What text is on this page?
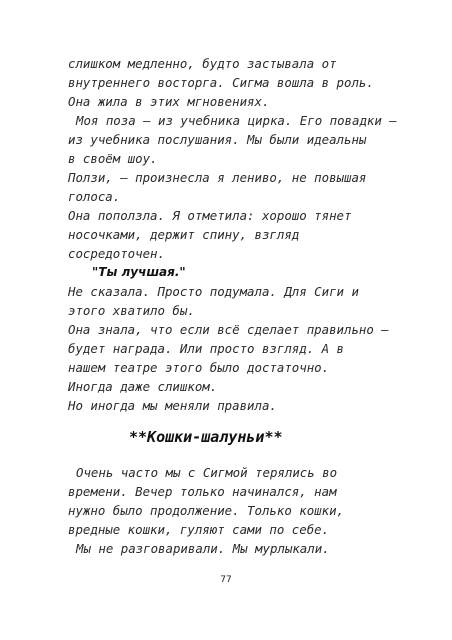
слишком медленно, будто застывала от
внутреннего восторга. Сигма вошла в роль.
Она жила в этих мгновениях.
Моя поза – из учебника цирка. Его повадки –
из учебника послушания. Мы были идеальны
в своём шоу.
Ползи, – произнесла я лениво, не повышая
голоса.
Она поползла. Я отметила: хорошо тянет
носочками, держит спину, взгляд
сосредоточен.
"Ты лучшая."
Не сказала. Просто подумала. Для Сиги и
этого хватило бы.
Она знала, что если всё сделает правильно –
будет награда. Или просто взгляд. А в
нашем театре этого было достаточно.
Иногда даже слишком.
Но иногда мы меняли правила.
**Кошки-шалуньи**
Очень часто мы с Сигмой терялись во
времени. Вечер только начинался, нам
нужно было продолжение. Только кошки,
вредные кошки, гуляют сами по себе.
Мы не разговаривали. Мы мурлыкали.
77
